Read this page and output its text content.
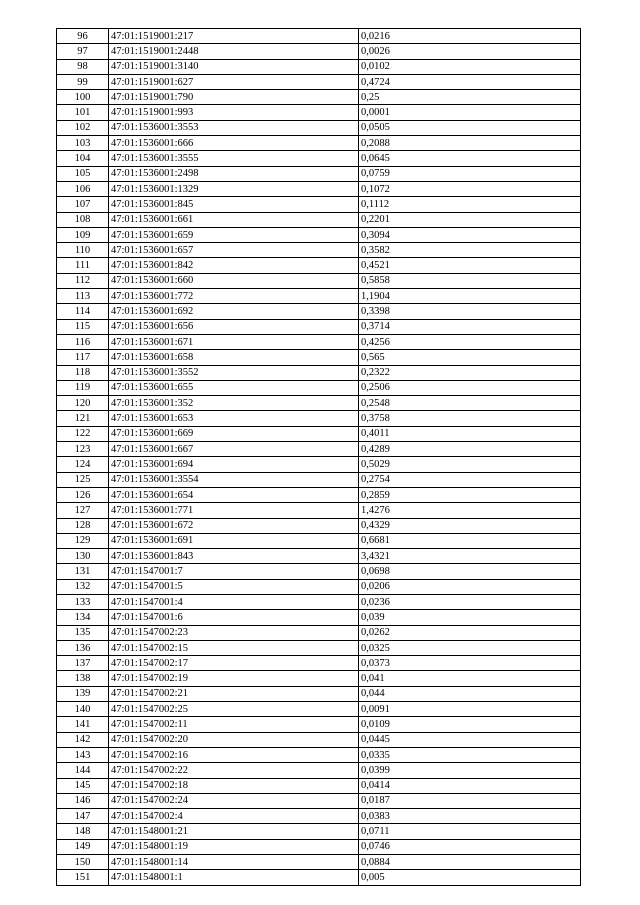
96	47:01:1519001:217	0,0216
97	47:01:1519001:2448	0,0026
98	47:01:1519001:3140	0,0102
99	47:01:1519001:627	0,4724
100	47:01:1519001:790	0,25
101	47:01:1519001:993	0,0001
102	47:01:1536001:3553	0,0505
103	47:01:1536001:666	0,2088
104	47:01:1536001:3555	0,0645
105	47:01:1536001:2498	0,0759
106	47:01:1536001:1329	0,1072
107	47:01:1536001:845	0,1112
108	47:01:1536001:661	0,2201
109	47:01:1536001:659	0,3094
110	47:01:1536001:657	0,3582
111	47:01:1536001:842	0,4521
112	47:01:1536001:660	0,5858
113	47:01:1536001:772	1,1904
114	47:01:1536001:692	0,3398
115	47:01:1536001:656	0,3714
116	47:01:1536001:671	0,4256
117	47:01:1536001:658	0,565
118	47:01:1536001:3552	0,2322
119	47:01:1536001:655	0,2506
120	47:01:1536001:352	0,2548
121	47:01:1536001:653	0,3758
122	47:01:1536001:669	0,4011
123	47:01:1536001:667	0,4289
124	47:01:1536001:694	0,5029
125	47:01:1536001:3554	0,2754
126	47:01:1536001:654	0,2859
127	47:01:1536001:771	1,4276
128	47:01:1536001:672	0,4329
129	47:01:1536001:691	0,6681
130	47:01:1536001:843	3,4321
131	47:01:1547001:7	0,0698
132	47:01:1547001:5	0,0206
133	47:01:1547001:4	0,0236
134	47:01:1547001:6	0,039
135	47:01:1547002:23	0,0262
136	47:01:1547002:15	0,0325
137	47:01:1547002:17	0,0373
138	47:01:1547002:19	0,041
139	47:01:1547002:21	0,044
140	47:01:1547002:25	0,0091
141	47:01:1547002:11	0,0109
142	47:01:1547002:20	0,0445
143	47:01:1547002:16	0,0335
144	47:01:1547002:22	0,0399
145	47:01:1547002:18	0,0414
146	47:01:1547002:24	0,0187
147	47:01:1547002:4	0,0383
148	47:01:1548001:21	0,0711
149	47:01:1548001:19	0,0746
150	47:01:1548001:14	0,0884
151	47:01:1548001:1	0,005
